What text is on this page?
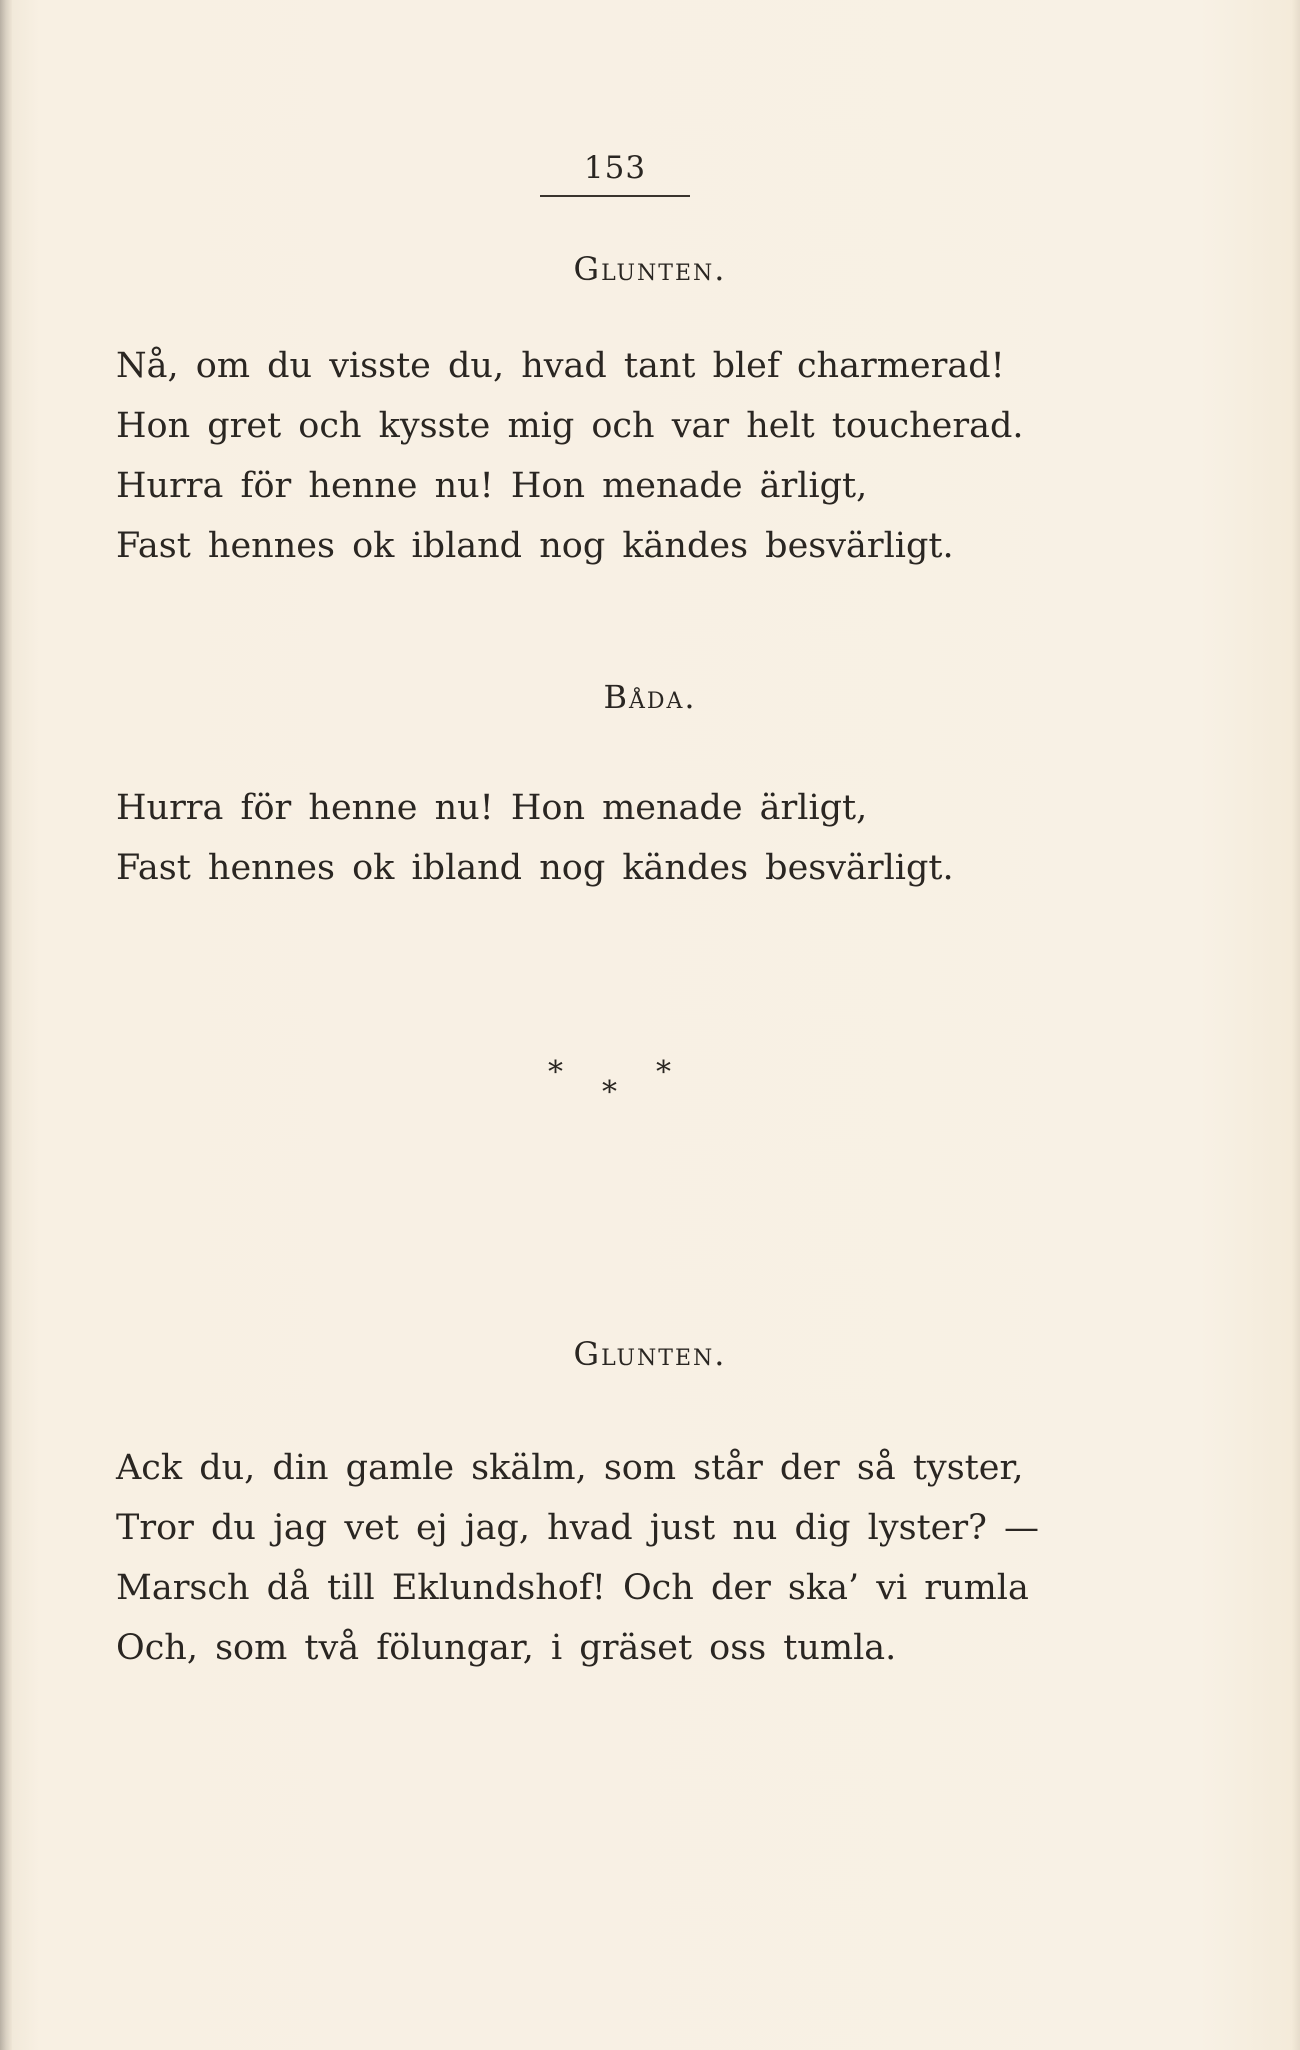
153
Glunten.
Nå, om du visste du, hvad tant blef charmerad!
Hon gret och kysste mig och var helt toucherad.
Hurra för henne nu! Hon menade ärligt,
Fast hennes ok ibland nog kändes besvärligt.
Båda.
Hurra för henne nu! Hon menade ärligt,
Fast hennes ok ibland nog kändes besvärligt.
*
*
*
Glunten.
Ack du, din gamle skälm, som står der så tyster,
Tror du jag vet ej jag, hvad just nu dig lyster? —
Marsch då till Eklundshof! Och der ska’ vi rumla
Och, som två fölungar, i gräset oss tumla.
